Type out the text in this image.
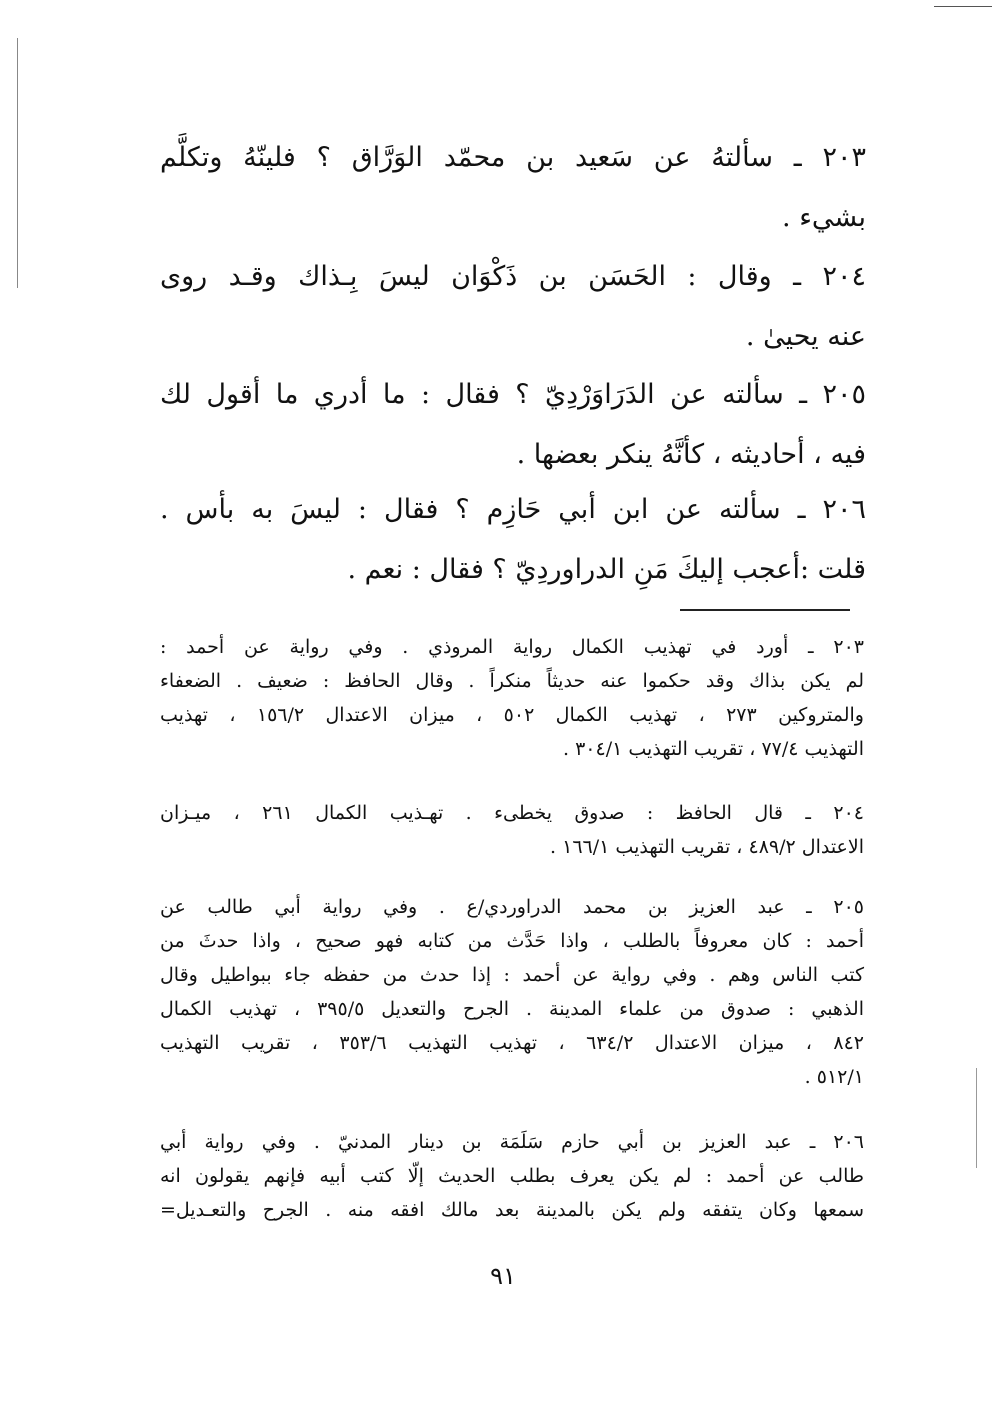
٢٠٣ ـ سألتهُ عن سَعيد بن محمّد الوَرَّاق ؟ فلينّهُ وتكلَّم
بشيء .
٢٠٤ ـ وقال : الحَسَن بن ذَكْوَان ليسَ بِـذاك وقـد روى
عنه يحيىٰ .
٢٠٥ ـ سألته عن الدَرَاوَرْدِيّ ؟ فقال : ما أدري ما أقول لك
فيه ، أحاديثه ، كأنَّهُ ينكر بعضها .
٢٠٦ ـ سألته عن ابن أبي حَازِم ؟ فقال : ليسَ به بأس .
قلت :أعجب إليكَ مَنِ الدراوردِيّ ؟ فقال : نعم .
٢٠٣ ـ أورد في تهذيب الكمال رواية المروذي . وفي رواية عن أحمد :
لم يكن بذاك وقد حكموا عنه حديثاً منكراً . وقال الحافظ : ضعيف . الضعفاء
والمتروكين ٢٧٣ ، تهذيب الكمال ٥٠٢ ، ميزان الاعتدال ١٥٦/٢ ، تهذيب
التهذيب ٧٧/٤ ، تقريب التهذيب ٣٠٤/١ .
٢٠٤ ـ قال الحافظ : صدوق يخطىء . تهـذيب الكمال ٢٦١ ، ميـزان
الاعتدال ٤٨٩/٢ ، تقريب التهذيب ١٦٦/١ .
٢٠٥ ـ عبد العزيز بن محمد الدراوردي/ع . وفي رواية أبي طالب عن
أحمد : كان معروفاً بالطلب ، واذا حَدَّث من كتابه فهو صحيح ، واذا حدثَ من
كتب الناس وهم . وفي رواية عن أحمد : إذا حدث من حفظه جاء ببواطيل وقال
الذهبي : صدوق من علماء المدينة . الجرح والتعديل ٣٩٥/٥ ، تهذيب الكمال
٨٤٢ ، ميزان الاعتدال ٦٣٤/٢ ، تهذيب التهذيب ٣٥٣/٦ ، تقريب التهذيب
٥١٢/١ .
٢٠٦ ـ عبد العزيز بن أبي حازم سَلَمَة بن دينار المدنيّ . وفي رواية أبي
طالب عن أحمد : لم يكن يعرف بطلب الحديث إلّا كتب أبيه فإنهم يقولون انه
سمعها وكان يتفقه ولم يكن بالمدينة بعد مالك افقه منه . الجرح والتعـديل=
٩١
